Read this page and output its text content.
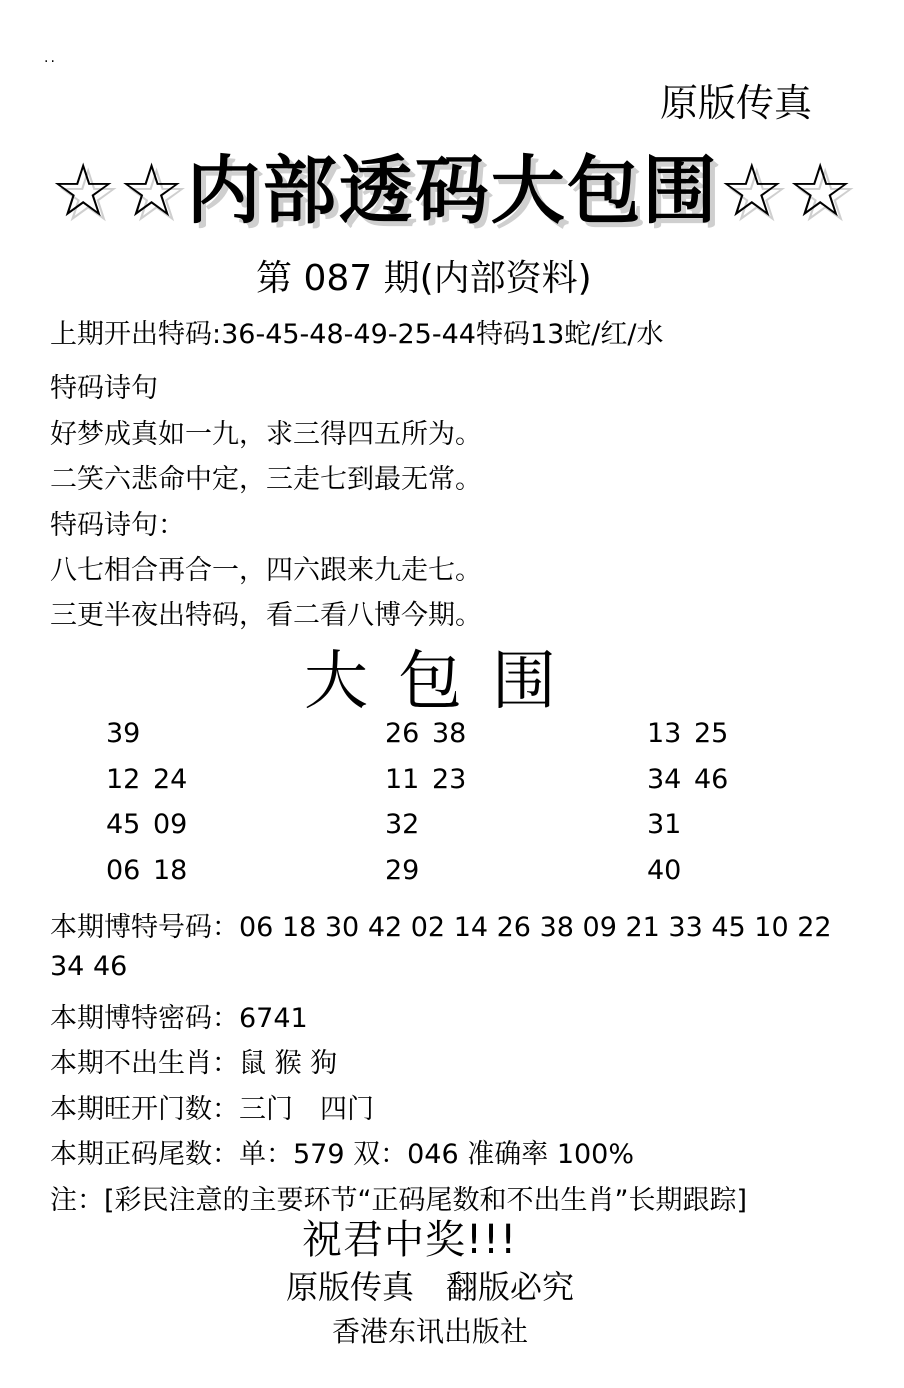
..
原版传真
☆☆内部透码大包围☆☆
第 087 期(内部资料)
上期开出特码:36-45-48-49-25-44特码13蛇/红/水
特码诗句
好梦成真如一九，求三得四五所为。
二笑六悲命中定，三走七到最无常。
特码诗句：
八七相合再合一，四六跟来九走七。
三更半夜出特码，看二看八博今期。
大包围
39	26 38	13 25
12 24	11 23	34 46
45 09	32	31
06 18	29	40
本期博特号码：06 18 30 42 02 14 26 38 09 21 33 45 10 22
34 46
本期博特密码：6741
本期不出生肖：鼠 猴 狗
本期旺开门数：三门　四门
本期正码尾数：单：579 双：046 准确率 100%
注：[彩民注意的主要环节“正码尾数和不出生肖”长期跟踪]
祝君中奖!!!
原版传真　翻版必究
香港东讯出版社
